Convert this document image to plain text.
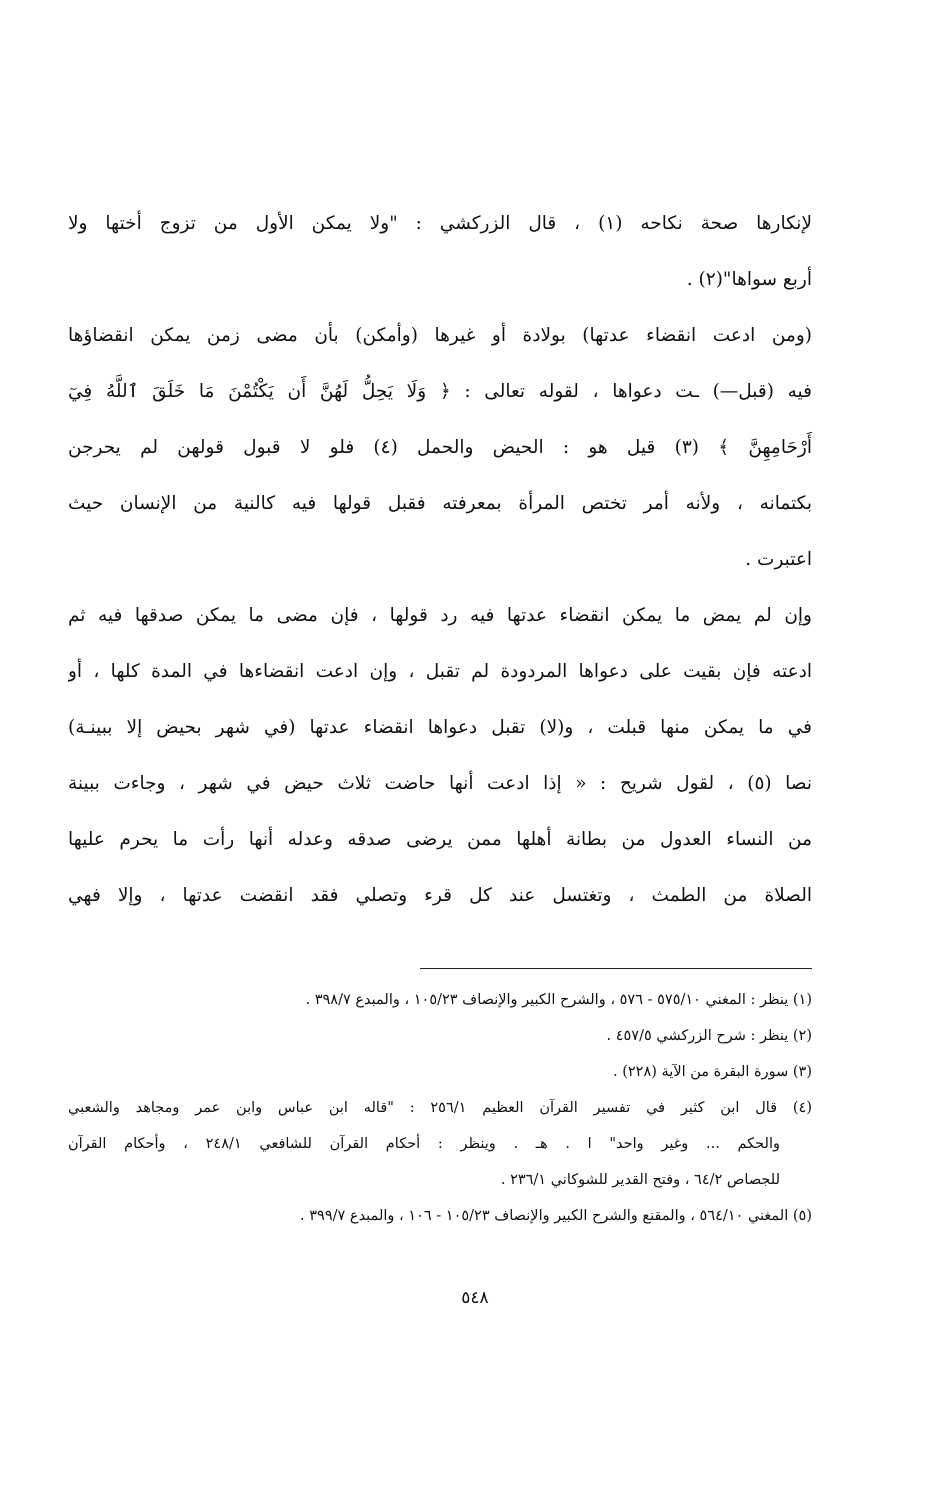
لإنكارها صحة نكاحه (١) ، قال الزركشي : "ولا يمكن الأول من تزوج أختها ولا
أربع سواها"(٢) .
(ومن ادعت انقضاء عدتها) بولادة أو غيرها (وأمكن) بأن مضى زمن يمكن انقضاؤها
فيه (قبل—) ـت دعواها ، لقوله تعالى : ﴿ وَلَا يَحِلُّ لَهُنَّ أَن يَكْتُمْنَ مَا خَلَقَ ٱللَّهُ فِيٓ
أَرْحَامِهِنَّ ﴾ (٣) قيل هو : الحيض والحمل (٤) فلو لا قبول قولهن لم يحرجن
بكتمانه ، ولأنه أمر تختص المرأة بمعرفته فقبل قولها فيه كالنية من الإنسان حيث
اعتبرت .
وإن لم يمض ما يمكن انقضاء عدتها فيه رد قولها ، فإن مضى ما يمكن صدقها فيه ثم
ادعته فإن بقيت على دعواها المردودة لم تقبل ، وإن ادعت انقضاءها في المدة كلها ، أو
في ما يمكن منها قبلت ، و(لا) تقبل دعواها انقضاء عدتها (في شهر بحيض إلا ببينـة)
نصا (٥) ، لقول شريح : « إذا ادعت أنها حاضت ثلاث حيض في شهر ، وجاءت ببينة
من النساء العدول من بطانة أهلها ممن يرضى صدقه وعدله أنها رأت ما يحرم عليها
الصلاة من الطمث ، وتغتسل عند كل قرء وتصلي فقد انقضت عدتها ، وإلا فهي
(١) ينظر : المغني ٥٧٥/١٠ - ٥٧٦ ، والشرح الكبير والإنصاف ١٠٥/٢٣ ، والمبدع ٣٩٨/٧ .
(٢) ينظر : شرح الزركشي ٤٥٧/٥ .
(٣) سورة البقرة من الآية (٢٢٨) .
(٤) قال ابن كثير في تفسير القرآن العظيم ٢٥٦/١ : "قاله ابن عباس وابن عمر ومجاهد والشعبي
والحكم ... وغير واحد" ا . هـ . وينظر : أحكام القرآن للشافعي ٢٤٨/١ ، وأحكام القرآن
للجصاص ٦٤/٢ ، وفتح القدير للشوكاني ٢٣٦/١ .
(٥) المغني ٥٦٤/١٠ ، والمقنع والشرح الكبير والإنصاف ١٠٥/٢٣ - ١٠٦ ، والمبدع ٣٩٩/٧ .
٥٤٨
